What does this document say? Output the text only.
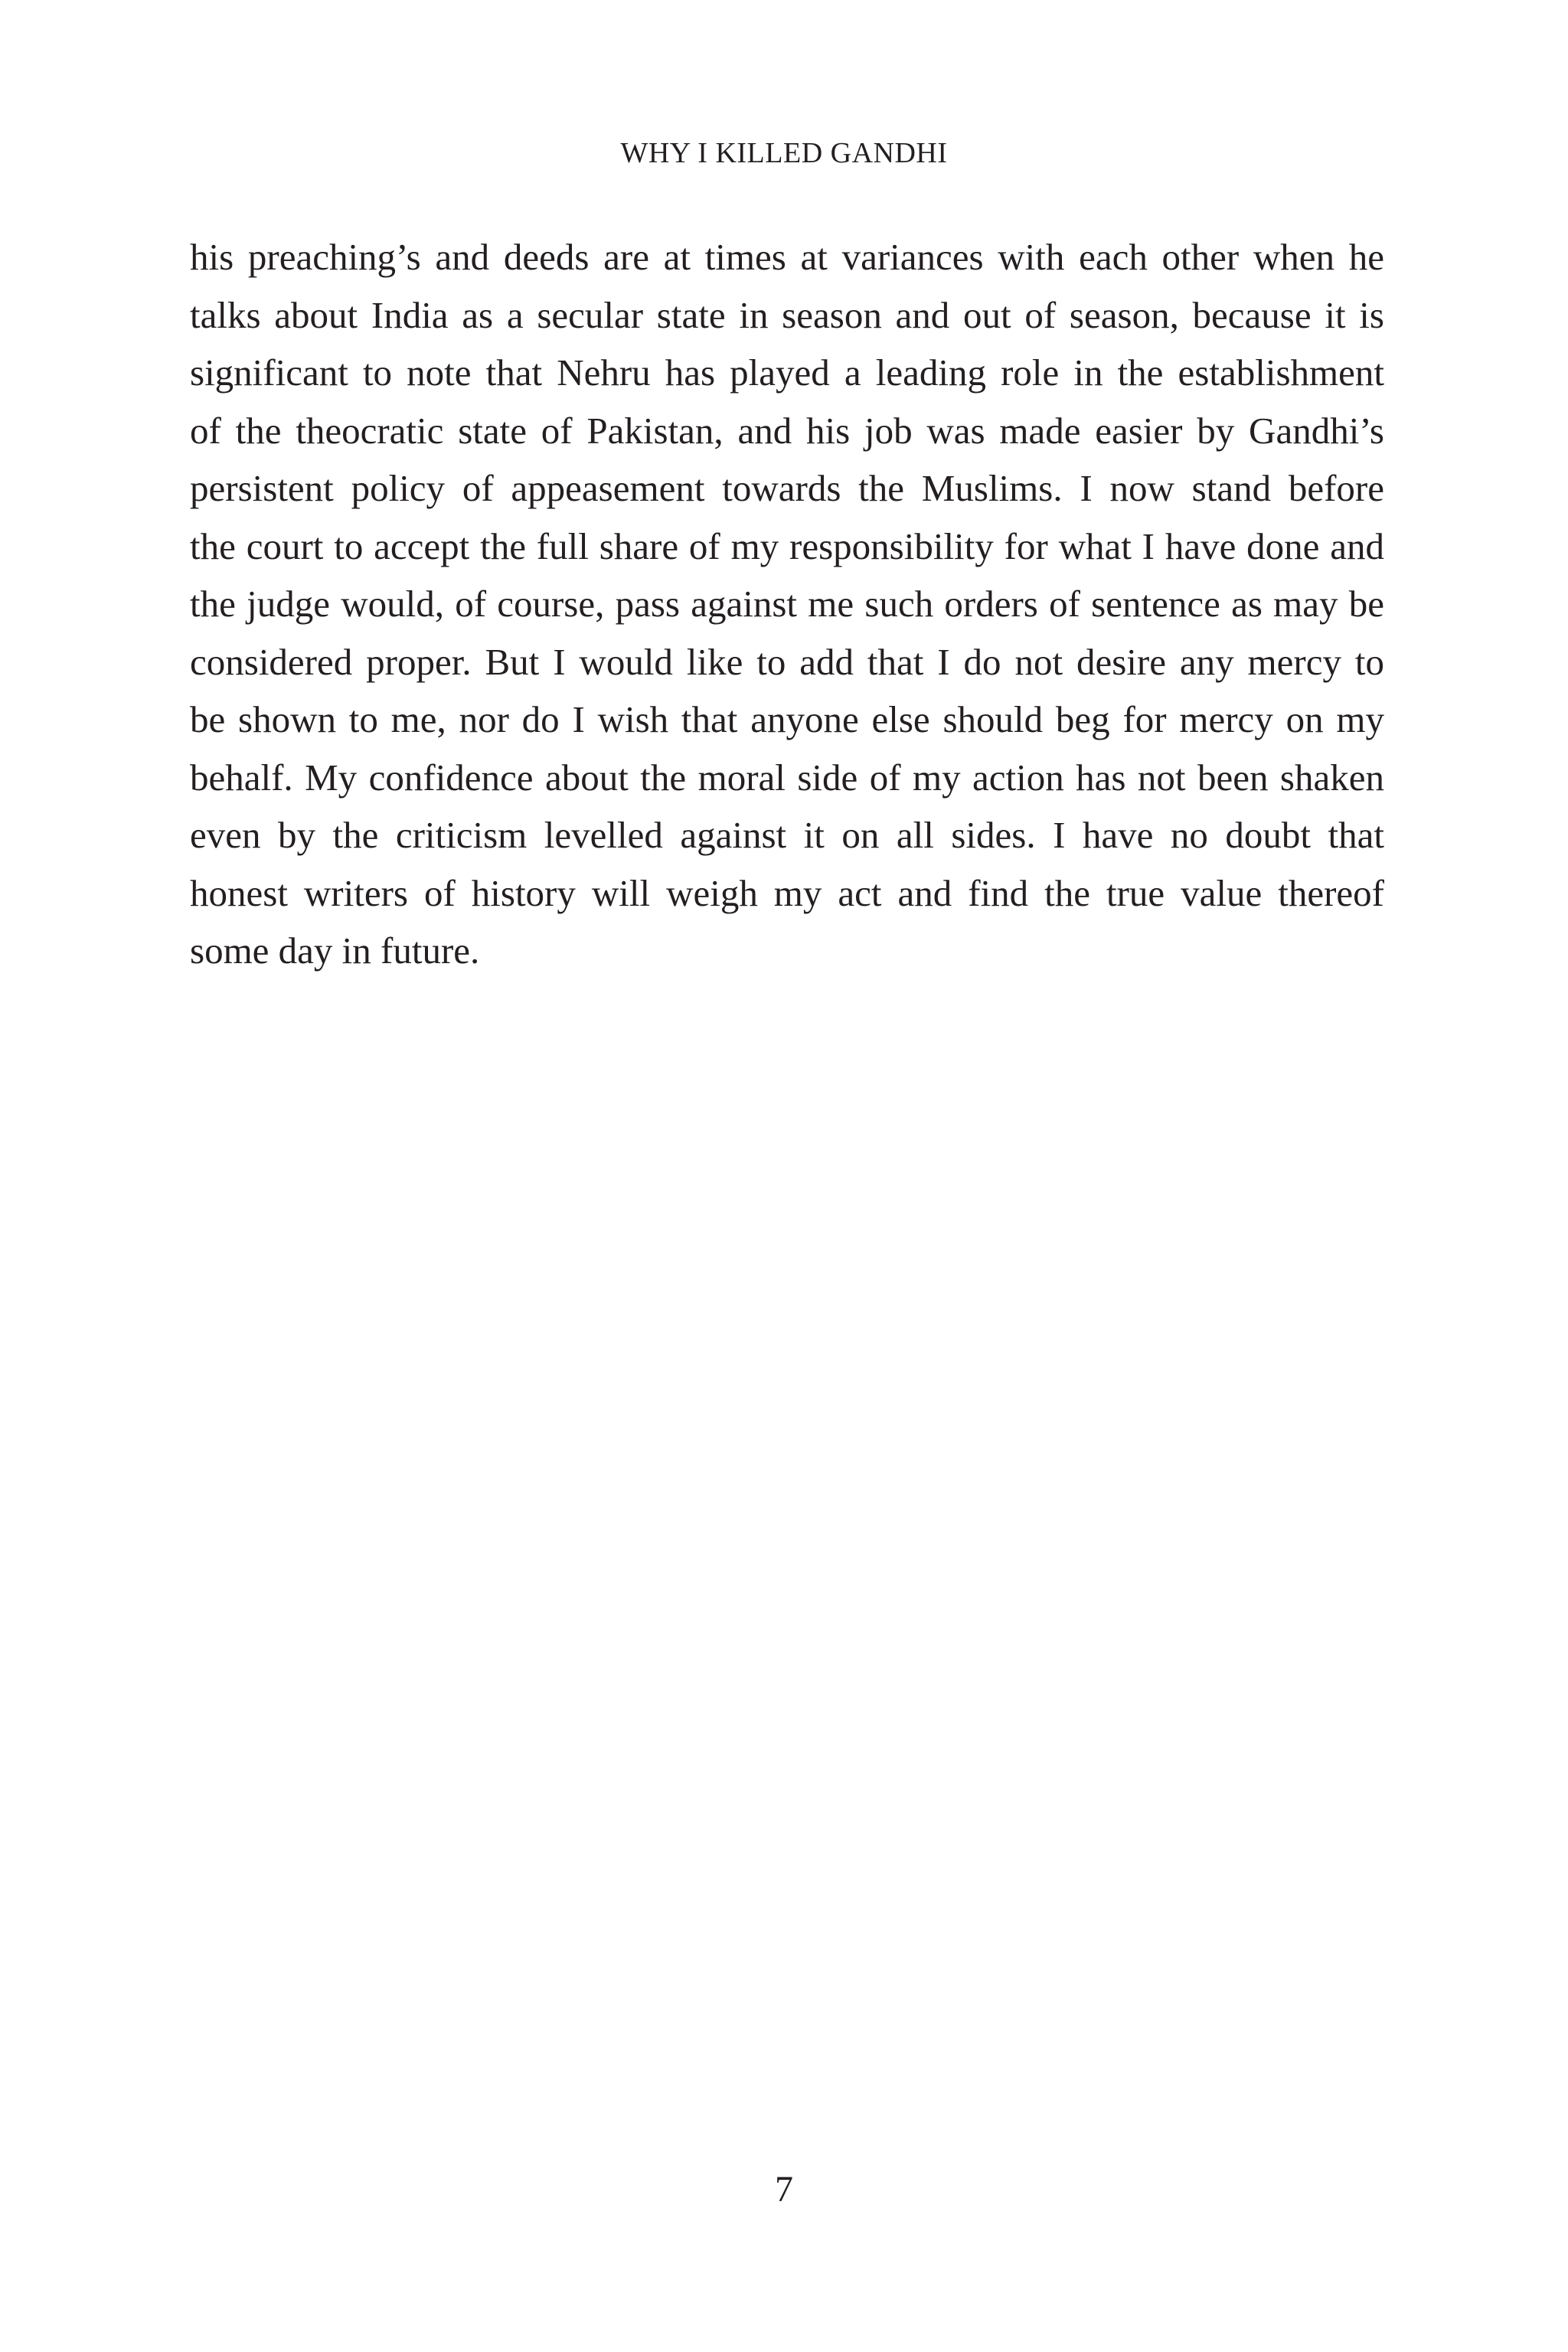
WHY I KILLED GANDHI
his preaching’s and deeds are at times at variances with each other when he
talks about India as a secular state in season and out of season, because it is
significant to note that Nehru has played a leading role in the establishment
of the theocratic state of Pakistan, and his job was made easier by Gandhi’s
persistent policy of appeasement towards the Muslims. I now stand before
the court to accept the full share of my responsibility for what I have done and
the judge would, of course, pass against me such orders of sentence as may be
considered proper. But I would like to add that I do not desire any mercy to
be shown to me, nor do I wish that anyone else should beg for mercy on my
behalf. My confidence about the moral side of my action has not been shaken
even by the criticism levelled against it on all sides. I have no doubt that
honest writers of history will weigh my act and find the true value thereof
some day in future.
7
